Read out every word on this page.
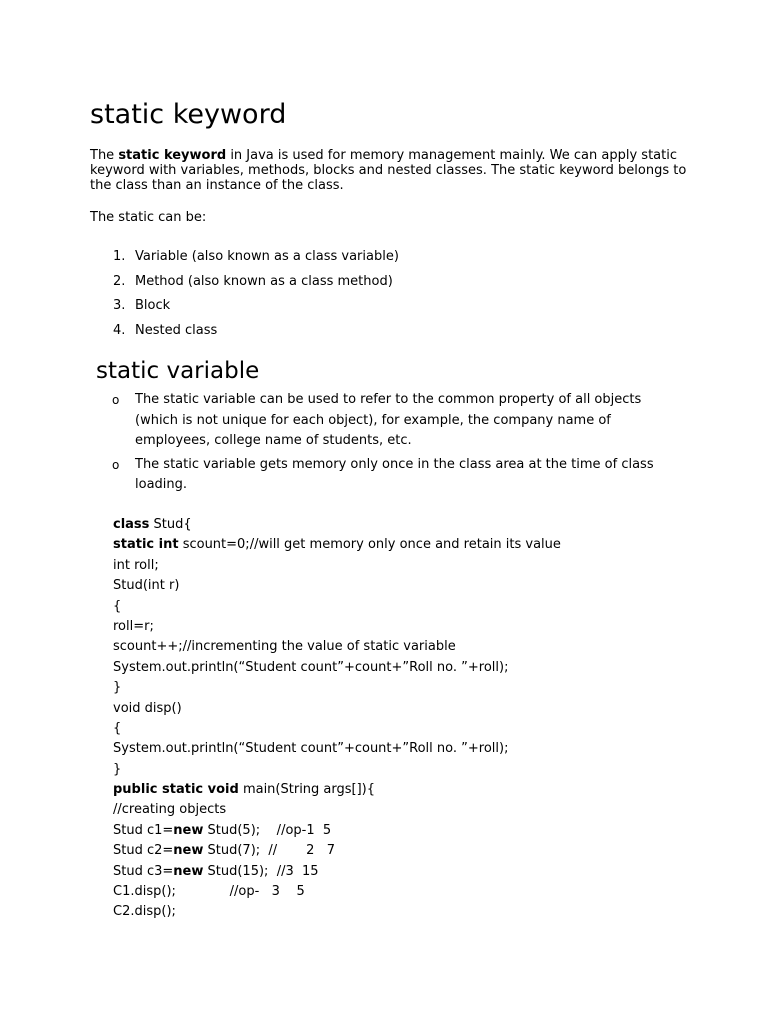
static keyword

The static keyword in Java is used for memory management mainly. We can apply static keyword with variables, methods, blocks and nested classes. The static keyword belongs to the class than an instance of the class.

The static can be:

1. Variable (also known as a class variable)
2. Method (also known as a class method)
3. Block
4. Nested class
static variable
o	The static variable can be used to refer to the common property of all objects (which is not unique for each object), for example, the company name of employees, college name of students, etc.
o	The static variable gets memory only once in the class area at the time of class loading.
class Stud{
static int scount=0;//will get memory only once and retain its value
int roll;
Stud(int r)
{
roll=r;
scount++;//incrementing the value of static variable
System.out.println(“Student count”+count+”Roll no. ”+roll);
}
void disp()
{
System.out.println(“Student count”+count+”Roll no. ”+roll);
}
public static void main(String args[]){
//creating objects
Stud c1=new Stud(5);    //op-1  5
Stud c2=new Stud(7);  //       2   7
Stud c3=new Stud(15);  //3  15
C1.disp();             //op-   3    5
C2.disp();
